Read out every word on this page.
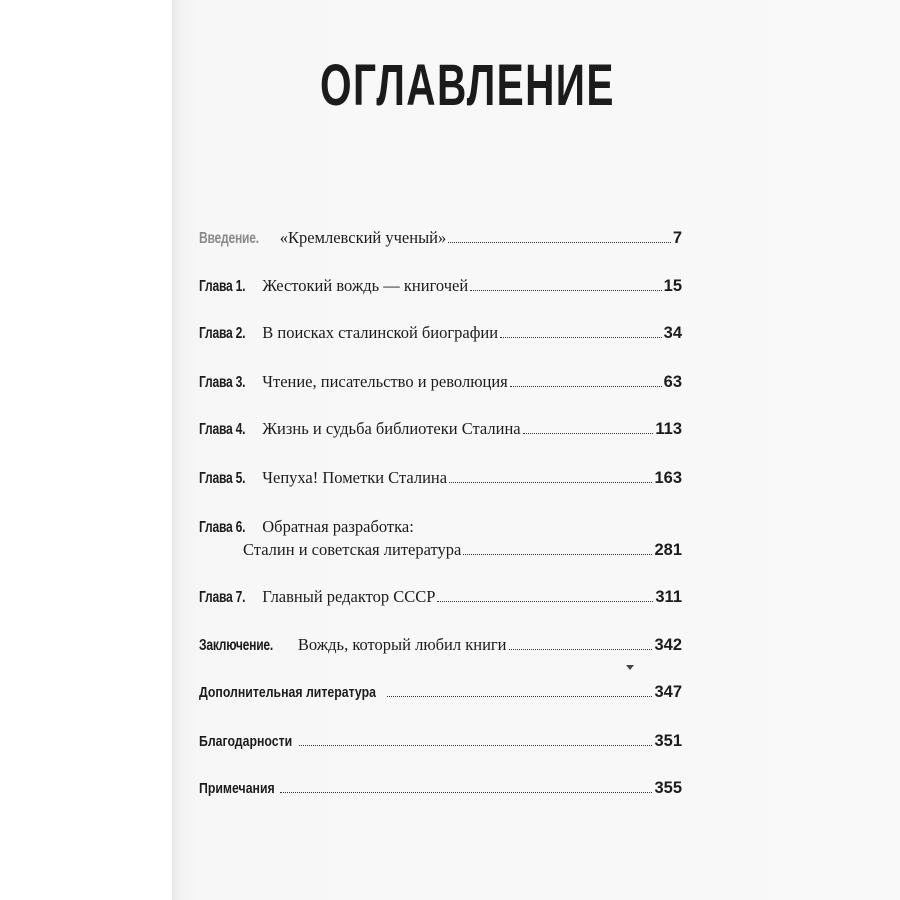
ОГЛАВЛЕНИЕ
Введение. «Кремлевский ученый»	7
Глава 1. Жестокий вождь — книгочей	15
Глава 2. В поисках сталинской биографии	34
Глава 3. Чтение, писательство и революция	63
Глава 4. Жизнь и судьба библиотеки Сталина	113
Глава 5. Чепуха! Пометки Сталина	163
Глава 6. Обратная разработка:
Сталин и советская литература	281
Глава 7. Главный редактор СССР	311
Заключение. Вождь, который любил книги	342
Дополнительная литература	347
Благодарности	351
Примечания	355
